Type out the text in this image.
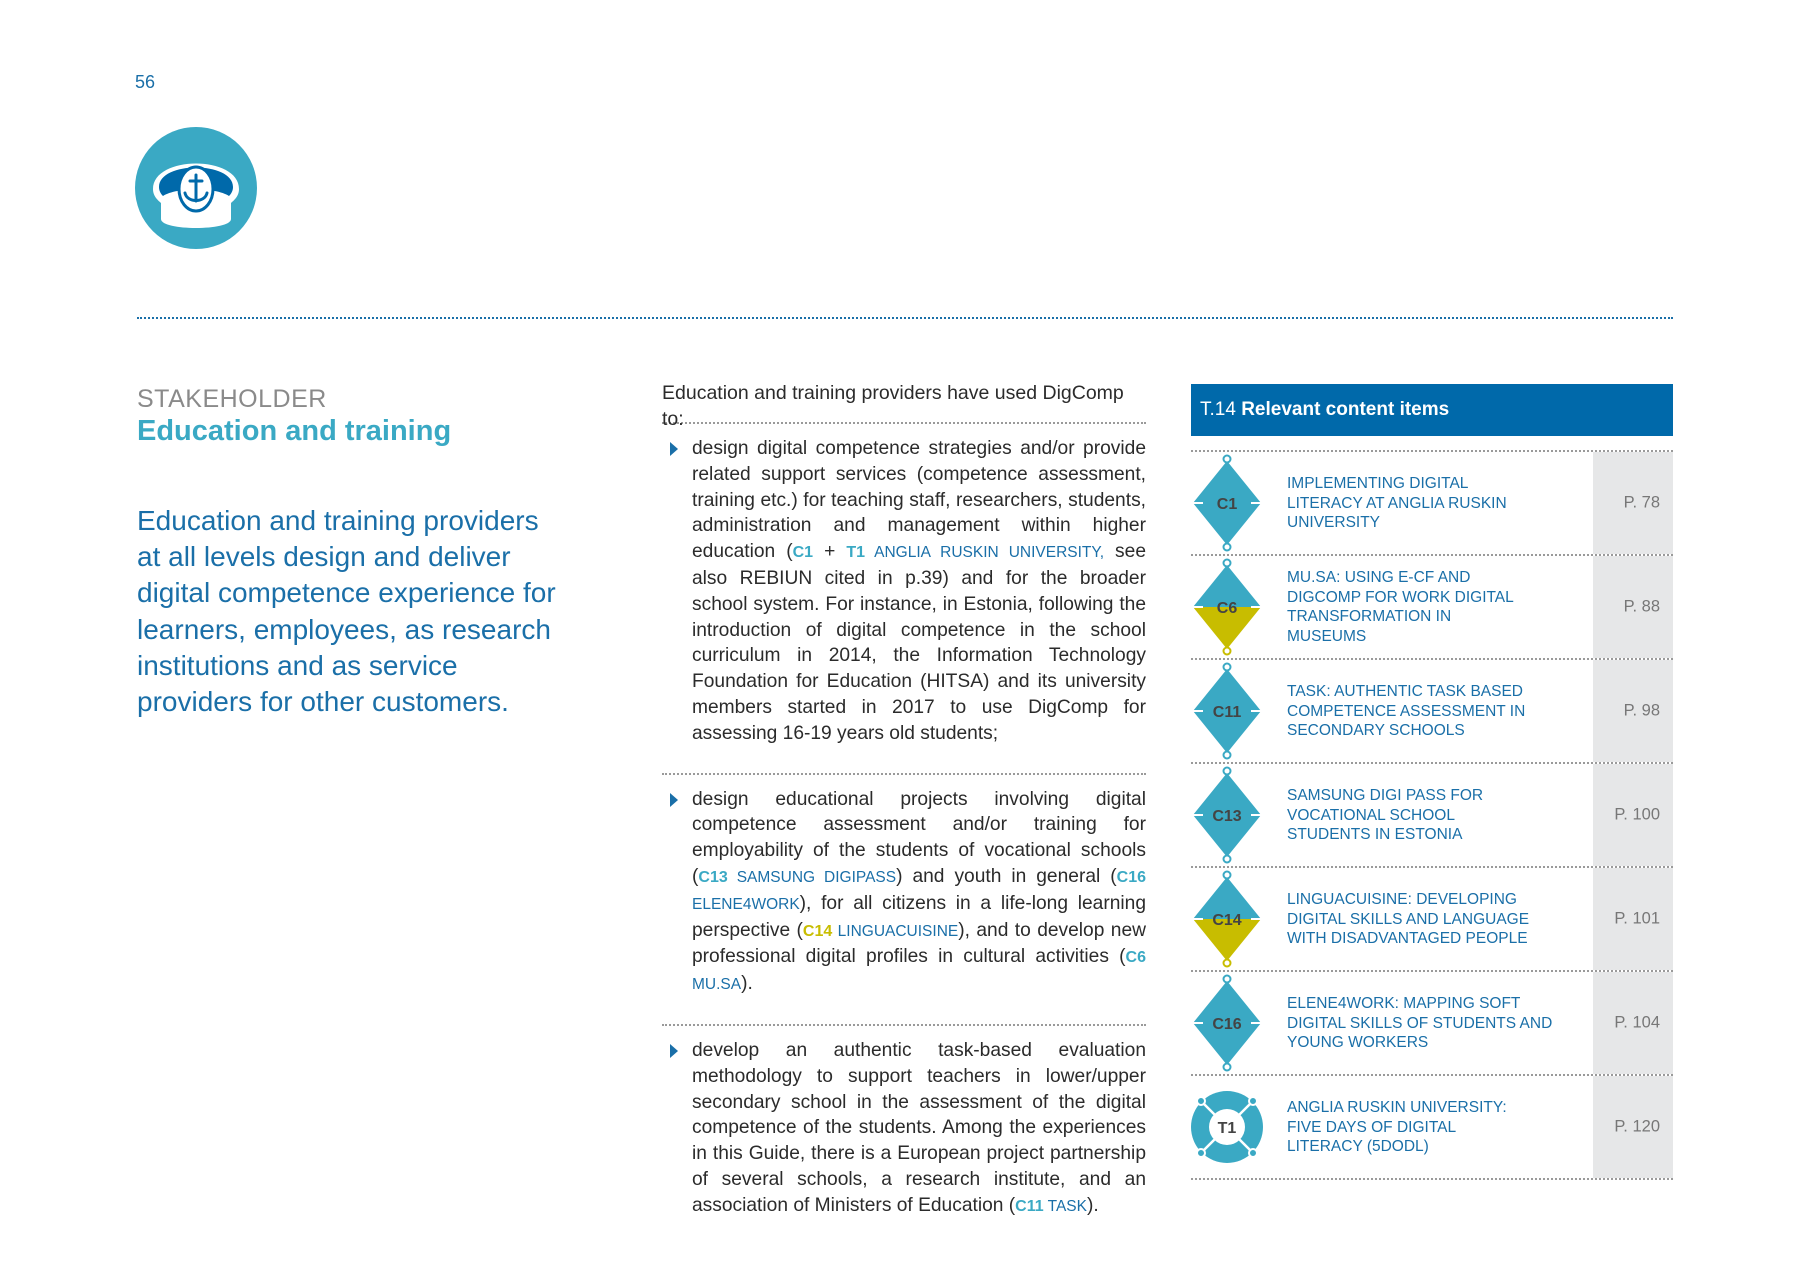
56
STAKEHOLDER
Education and training
Education and training providers at all levels design and deliver digital competence experience for learners, employees, as research institutions and as service providers for other customers.
Education and training providers have used DigComp to:
design digital competence strategies and/or provide related support services (competence assessment, training etc.) for teaching staff, researchers, students, administration and management within higher education (C1 + T1 ANGLIA RUSKIN UNIVERSITY, see also REBIUN cited in p.39) and for the broader school system. For instance, in Estonia, following the introduction of digital competence in the school curriculum in 2014, the Information Technology Foundation for Education (HITSA) and its university members started in 2017 to use DigComp for assessing 16-19 years old students;
design educational projects involving digital competence assessment and/or training for employability of the students of vocational schools (C13 SAMSUNG DIGIPASS) and youth in general (C16 ELENE4WORK), for all citizens in a life-long learning perspective (C14 LINGUACUISINE), and to develop new professional digital profiles in cultural activities (C6 MU.SA).
develop an authentic task-based evaluation methodology to support teachers in lower/upper secondary school in the assessment of the digital competence of the students. Among the experiences in this Guide, there is a European project partnership of several schools, a research institute, and an association of Ministers of Education (C11 TASK).
T.14 Relevant content items
C1
IMPLEMENTING DIGITAL
LITERACY AT ANGLIA RUSKIN
UNIVERSITY
P. 78
C6
MU.SA: USING E-CF AND
DIGCOMP FOR WORK DIGITAL
TRANSFORMATION IN
MUSEUMS
P. 88
C11
TASK: AUTHENTIC TASK BASED
COMPETENCE ASSESSMENT IN
SECONDARY SCHOOLS
P. 98
C13
SAMSUNG DIGI PASS FOR
VOCATIONAL SCHOOL
STUDENTS IN ESTONIA
P. 100
C14
LINGUACUISINE: DEVELOPING
DIGITAL SKILLS AND LANGUAGE
WITH DISADVANTAGED PEOPLE
P. 101
C16
ELENE4WORK: MAPPING SOFT
DIGITAL SKILLS OF STUDENTS AND
YOUNG WORKERS
P. 104
T1
ANGLIA RUSKIN UNIVERSITY:
FIVE DAYS OF DIGITAL
LITERACY (5DODL)
P. 120
